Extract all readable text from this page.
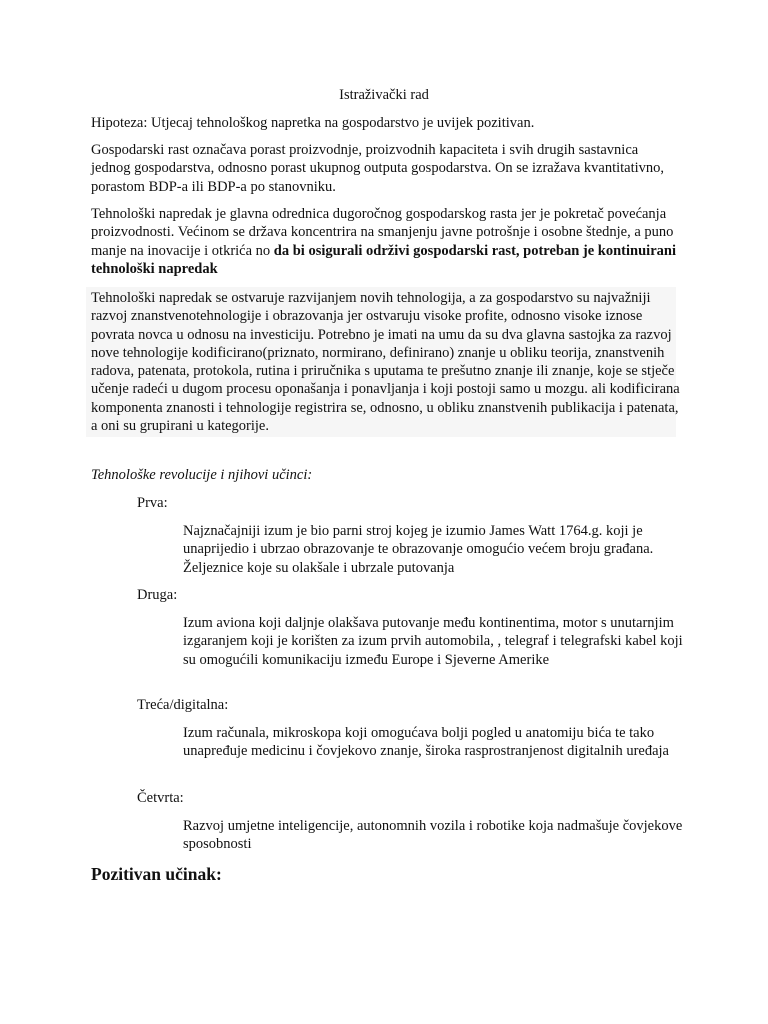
Istraživački rad

Hipoteza: Utjecaj tehnološkog napretka na gospodarstvo je uvijek pozitivan.

Gospodarski rast označava porast proizvodnje, proizvodnih kapaciteta i svih drugih sastavnica jednog gospodarstva, odnosno porast ukupnog outputa gospodarstva. On se izražava kvantitativno, porastom BDP-a ili BDP-a po stanovniku.

Tehnološki napredak je glavna odrednica dugoročnog gospodarskog rasta jer je pokretač povećanja proizvodnosti. Većinom se država koncentrira na smanjenju javne potrošnje i osobne štednje, a puno manje na inovacije i otkrića no da bi osigurali održivi gospodarski rast, potreban je kontinuirani tehnološki napredak

Tehnološki napredak se ostvaruje razvijanjem novih tehnologija, a za gospodarstvo su najvažniji razvoj znanstvenotehnologije i obrazovanja jer ostvaruju visoke profite, odnosno visoke iznose povrata novca u odnosu na investiciju. Potrebno je imati na umu da su dva glavna sastojka za razvoj nove tehnologije kodificirano(priznato, normirano, definirano) znanje u obliku teorija, znanstvenih radova, patenata, protokola, rutina i priručnika s uputama te prešutno znanje ili znanje, koje se stječe učenje radeći u dugom procesu oponašanja i ponavljanja i koji postoji samo u mozgu. ali kodificirana komponenta znanosti i tehnologije registrira se, odnosno, u obliku znanstvenih publikacija i patenata, a oni su grupirani u kategorije.

Tehnološke revolucije i njihovi učinci:
Prva:

Najznačajniji izum je bio parni stroj kojeg je izumio James Watt 1764.g. koji je unaprijedio i ubrzao obrazovanje te obrazovanje omogućio većem broju građana. Željeznice koje su olakšale i ubrzale putovanja

Druga:

Izum aviona koji daljnje olakšava putovanje među kontinentima, motor s unutarnjim izgaranjem koji je korišten za izum prvih automobila, , telegraf i telegrafski kabel koji su omogućili komunikaciju između Europe i Sjeverne Amerike

Treća/digitalna:

Izum računala, mikroskopa koji omogućava bolji pogled u anatomiju bića te tako unapređuje medicinu i čovjekovo znanje, široka rasprostranjenost digitalnih uređaja

Četvrta:

Razvoj umjetne inteligencije, autonomnih vozila i robotike koja nadmašuje čovjekove sposobnosti

Pozitivan učinak:
